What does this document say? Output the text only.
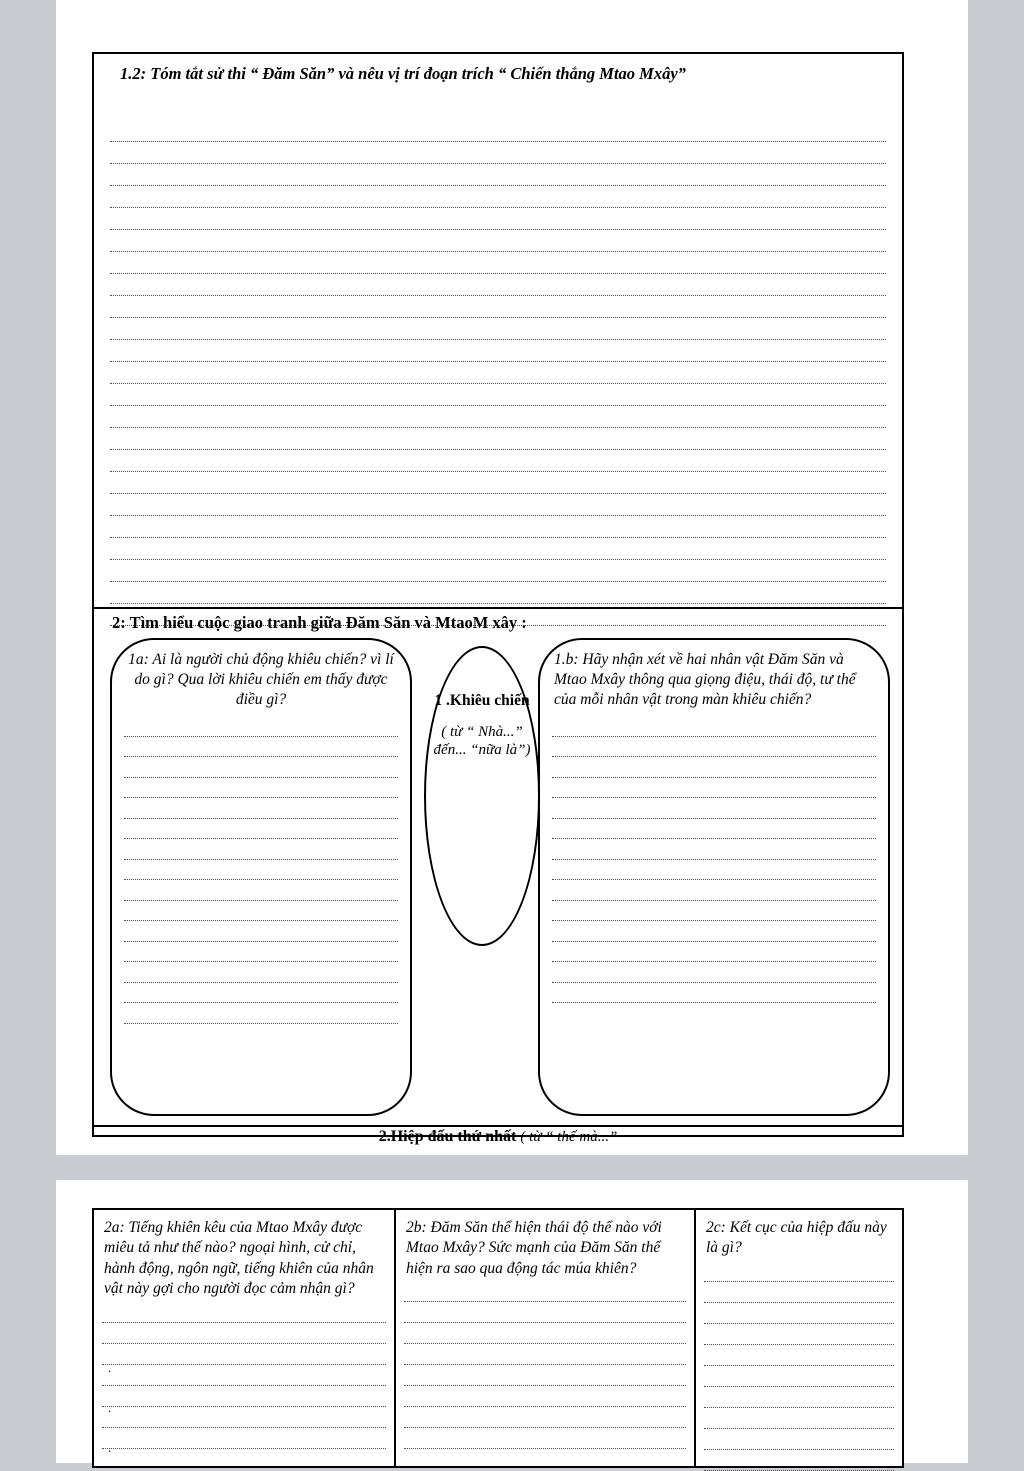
1.2: Tóm tắt sử thi “ Đăm Săn” và nêu vị trí đoạn trích “ Chiến thắng Mtao Mxây”
2: Tìm hiểu cuộc giao tranh giữa Đăm Săn và MtaoM xây :
1a: Ai là người chủ động khiêu chiến? vì lí do gì? Qua lời khiêu chiến em thấy được điều gì?	1 .Khiêu chiến
( từ “ Nhà...” đến... “nữa là”)
1.b: Hãy nhận xét về hai nhân vật Đăm Săn và Mtao Mxây thông qua giọng điệu, thái độ, tư thể của mỗi nhân vật trong màn khiêu chiến?
2.Hiệp đấu thứ nhất ( từ “ thế mà...”
2a: Tiếng khiên kêu của Mtao Mxây được miêu tả như thế nào? ngoại hình, cử chỉ, hành động, ngôn ngữ, tiếng khiên của nhân vật này gợi cho người đọc cảm nhận gì?
.
.
.
2b: Đăm Săn thể hiện thái độ thể nào với Mtao Mxây? Sức mạnh của Đăm Săn thể hiện ra sao qua động tác múa khiên?
2c: Kết cục của hiệp đấu này là gì?
